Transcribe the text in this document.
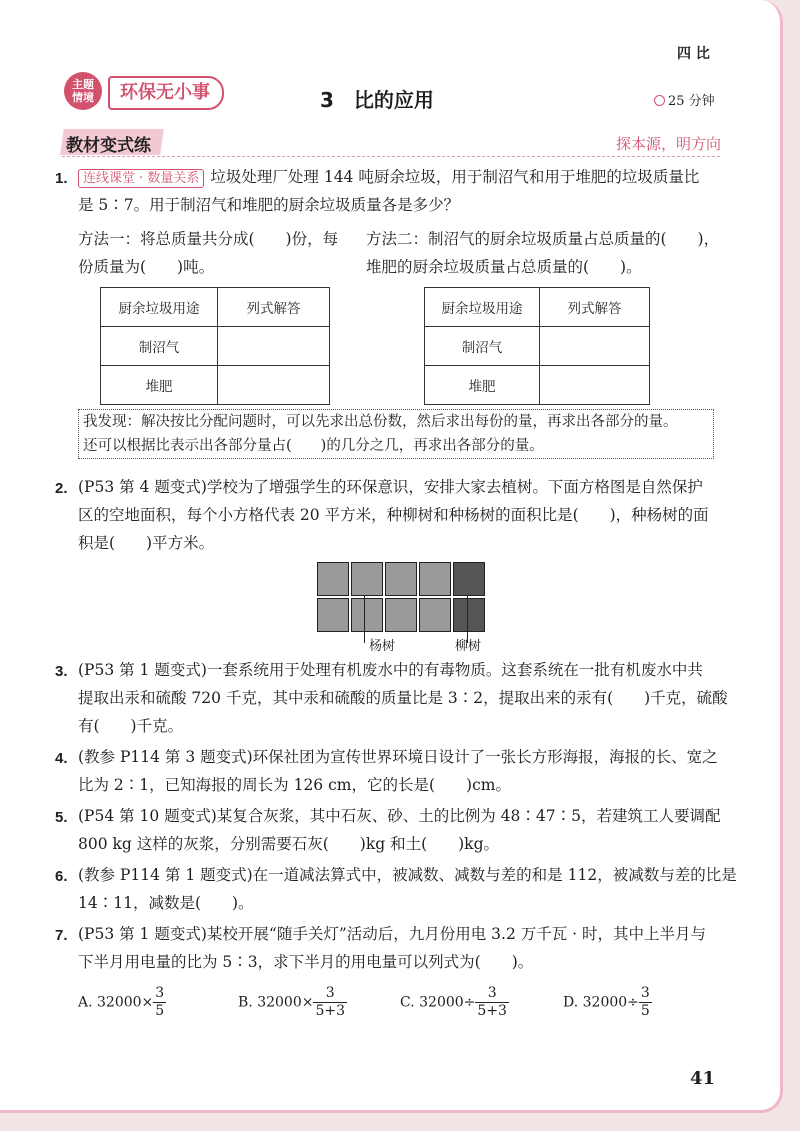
四 比
主题情境	环保无小事	3　比的应用	25 分钟
教材变式练	探本源，明方向
1.	连线课堂 · 数量关系 垃圾处理厂处理 144 吨厨余垃圾，用于制沼气和用于堆肥的垃圾质量比
是 5∶7。用于制沼气和堆肥的厨余垃圾质量各是多少？
方法一：将总质量共分成(　　)份，每
份质量为(　　)吨。
方法二：制沼气的厨余垃圾质量占总质量的(　　)，
堆肥的厨余垃圾质量占总质量的(　　)。
厨余垃圾用途	列式解答
制沼气	
堆肥	
厨余垃圾用途	列式解答
制沼气	
堆肥	
我发现：解决按比分配问题时，可以先求出总份数，然后求出每份的量，再求出各部分的量。
还可以根据比表示出各部分量占(　　)的几分之几，再求出各部分的量。
2. (P53 第 4 题变式)学校为了增强学生的环保意识，安排大家去植树。下面方格图是自然保护
区的空地面积，每个小方格代表 20 平方米，种柳树和种杨树的面积比是(　　)，种杨树的面
积是(　　)平方米。
杨树	柳树
3. (P53 第 1 题变式)一套系统用于处理有机废水中的有毒物质。这套系统在一批有机废水中共
提取出汞和硫酸 720 千克，其中汞和硫酸的质量比是 3∶2，提取出来的汞有(　　)千克，硫酸
有(　　)千克。
4. (教参 P114 第 3 题变式)环保社团为宣传世界环境日设计了一张长方形海报，海报的长、宽之
比为 2∶1，已知海报的周长为 126 cm，它的长是(　　)cm。
5. (P54 第 10 题变式)某复合灰浆，其中石灰、砂、土的比例为 48∶47∶5，若建筑工人要调配
800 kg 这样的灰浆，分别需要石灰(　　)kg 和土(　　)kg。
6. (教参 P114 第 1 题变式)在一道减法算式中，被减数、减数与差的和是 112，被减数与差的比是
14∶11，减数是(　　)。
7. (P53 第 1 题变式)某校开展“随手关灯”活动后，九月份用电 3.2 万千瓦 · 时，其中上半月与
下半月用电量的比为 5∶3，求下半月的用电量可以列式为(　　)。
A. $32000\times \frac{3}{5}$	B. $32000\times \frac{3}{5+3}$	C. $32000\div \frac{3}{5+3}$	D. $32000\div \frac{3}{5}$
41
